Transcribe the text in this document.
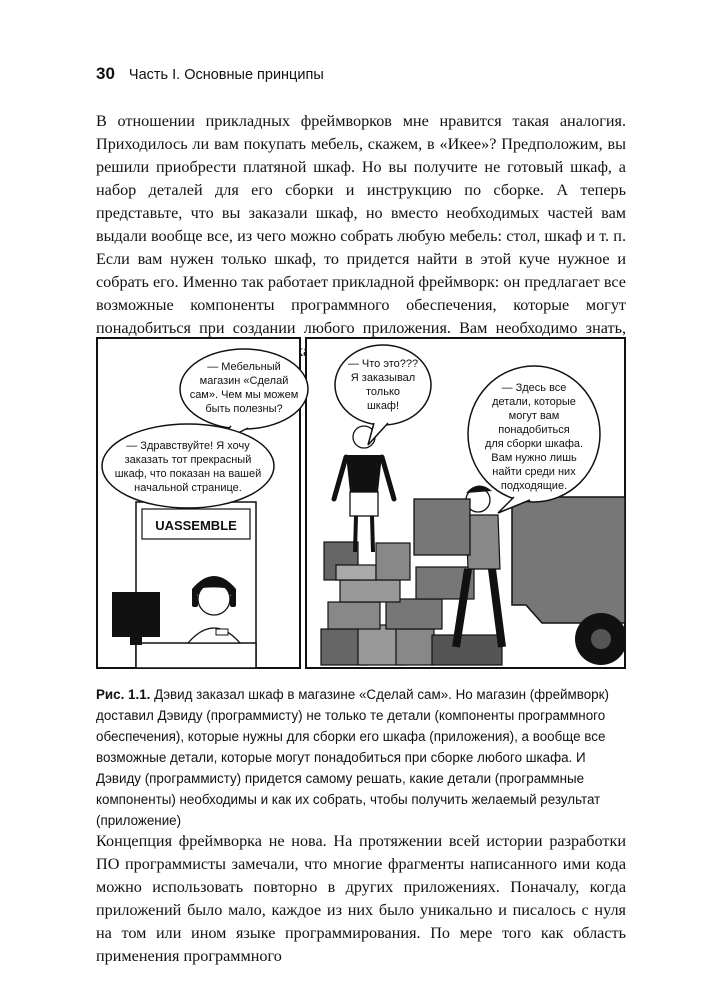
30 Часть I. Основные принципы

В отношении прикладных фреймворков мне нравится такая аналогия. Приходилось ли вам покупать мебель, скажем, в «Икее»? Предположим, вы решили приобрести платяной шкаф. Но вы получите не готовый шкаф, а набор деталей для его сборки и инструкцию по сборке. А теперь представьте, что вы заказали шкаф, но вместо необходимых частей вам выдали вообще все, из чего можно собрать любую мебель: стол, шкаф и т. п. Если вам нужен только шкаф, то придется найти в этой куче нужное и собрать его. Именно так работает прикладной фреймворк: он предлагает все возможные компоненты программного обеспечения, которые могут понадобиться при создании любого приложения. Вам необходимо знать,

UASSEMBLE
— Мебельный
магазин «Сделай
сам». Чем мы можем
быть полезны?
— Здравствуйте! Я хочу
заказать тот прекрасный
шкаф, что показан на вашей
начальной странице.
— Что это???
Я заказывал
только
шкаф!
— Здесь все
детали, которые
могут вам
понадобиться
для сборки шкафа.
Вам нужно лишь
найти среди них
подходящие.

Рис. 1.1. Дэвид заказал шкаф в магазине «Сделай сам». Но магазин (фреймворк) доставил Дэвиду (программисту) не только те детали (компоненты программного обеспечения), которые нужны для сборки его шкафа (приложения), а вообще все возможные детали, которые могут понадобиться при сборке любого шкафа. И Дэвиду (программисту) придется самому решать, какие детали (программные компоненты) необходимы и как их собрать, чтобы получить желаемый результат (приложение)

Концепция фреймворка не нова. На протяжении всей истории разработки ПО программисты замечали, что многие фрагменты написанного ими кода можно использовать повторно в других приложениях. Поначалу, когда приложений было мало, каждое из них было уникально и писалось с нуля на том или ином языке программирования. По мере того как область применения программного
